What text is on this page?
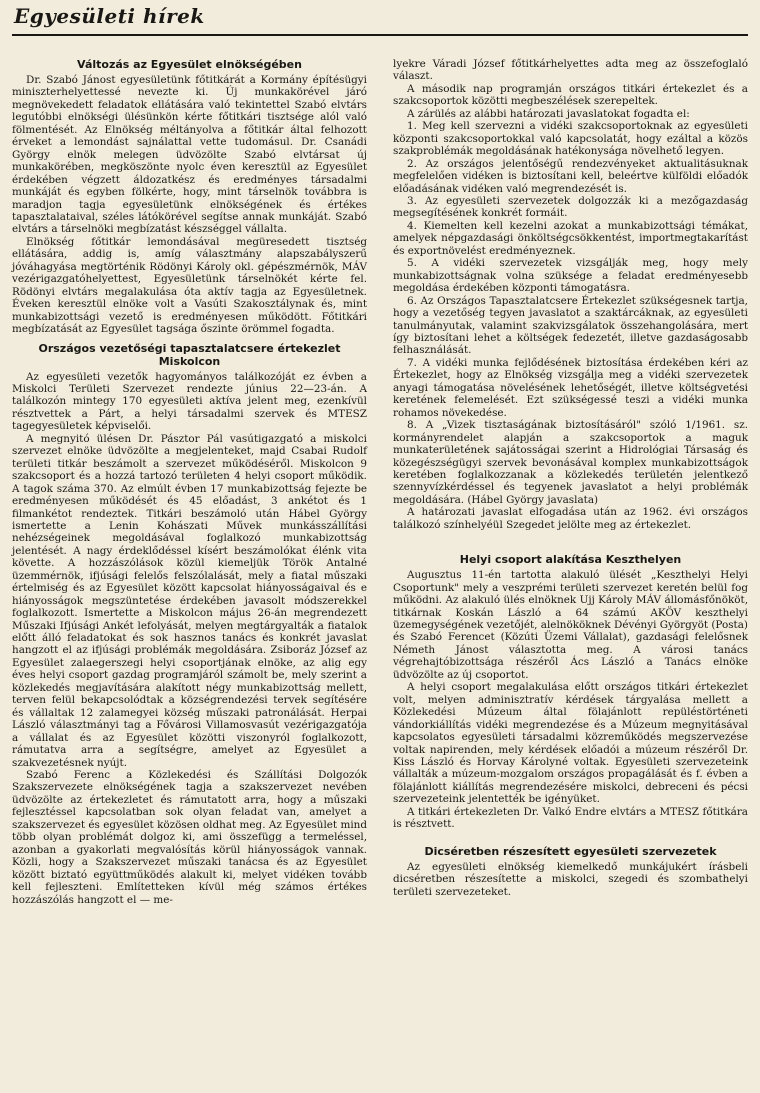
Egyesületi hírek
Változás az Egyesület elnökségében

Dr. Szabó Jánost egyesületünk főtitkárát a Kormány építésügyi miniszterhelyettessé nevezte ki. Új munkakörével járó megnövekedett feladatok ellátására való tekintettel Szabó elvtárs legutóbbi elnökségi ülésünkön kérte főtitkári tisztsége alól való fölmentését. Az Elnökség méltányolva a főtitkár által felhozott érveket a lemondást sajnálattal vette tudomásul. Dr. Csanádi György elnök melegen üdvözölte Szabó elvtársat új munkakörében, megköszönte nyolc éven keresztül az Egyesület érdekében végzett áldozatkész és eredményes társadalmi munkáját és egyben fölkérte, hogy, mint társelnök továbbra is maradjon tagja egyesületünk elnökségének és értékes tapasztalataival, széles látókörével segítse annak munkáját. Szabó elvtárs a társelnöki megbízatást készséggel vállalta.

Elnökség főtitkár lemondásával megüresedett tisztség ellátására, addig is, amíg választmány alapszabályszerű jóváhagyása megtörténik Rödönyi Károly okl. gépészmérnök, MÁV vezérigazgatóhelyettest, Egyesületünk társelnökét kérte fel. Rödönyi elvtárs megalakulása óta aktív tagja az Egyesületnek. Éveken keresztül elnöke volt a Vasúti Szakosztálynak és, mint munkabizottsági vezető is eredményesen működött. Főtitkári megbízatását az Egyesület tagsága őszinte örömmel fogadta.

Országos vezetőségi tapasztalatcsere értekezlet Miskolcon

Az egyesületi vezetők hagyományos találkozóját ez évben a Miskolci Területi Szervezet rendezte június 22—23-án. A találkozón mintegy 170 egyesületi aktíva jelent meg, ezenkívül résztvettek a Párt, a helyi társadalmi szervek és MTESZ tagegyesületek képviselői.

A megnyitó ülésen Dr. Pásztor Pál vasútigazgató a miskolci szervezet elnöke üdvözölte a megjelenteket, majd Csabai Rudolf területi titkár beszámolt a szervezet működéséről. Miskolcon 9 szakcsoport és a hozzá tartozó területen 4 helyi csoport működik. A tagok száma 370. Az elmúlt évben 17 munkabizottság fejezte be eredményesen működését és 45 előadást, 3 ankétot és 1 filmankétot rendeztek. Titkári beszámoló után Hábel György ismertette a Lenin Kohászati Művek munkásszállítási nehézségeinek megoldásával foglalkozó munkabizottság jelentését. A nagy érdeklődéssel kísért beszámolókat élénk vita követte. A hozzászólások közül kiemeljük Török Antalné üzemmérnök, ifjúsági felelős felszólalását, mely a fiatal műszaki értelmiség és az Egyesület között kapcsolat hiányosságaival és e hiányosságok megszüntetése érdekében javasolt módszerekkel foglalkozott. Ismertette a Miskolcon május 26-án megrendezett Műszaki Ifjúsági Ankét lefolyását, melyen megtárgyalták a fiatalok előtt álló feladatokat és sok hasznos tanács és konkrét javaslat hangzott el az ifjúsági problémák megoldására. Zsiboráz József az Egyesület zalaegerszegi helyi csoportjának elnöke, az alig egy éves helyi csoport gazdag programjáról számolt be, mely szerint a közlekedés megjavítására alakított négy munkabizottság mellett, terven felül bekapcsolódtak a községrendezési tervek segítésére és vállaltak 12 zalamegyei község műszaki patronálását. Herpai László választmányi tag a Fővárosi Villamosvasút vezérigazgatója a vállalat és az Egyesület közötti viszonyról foglalkozott, rámutatva arra a segítségre, amelyet az Egyesület a szakvezetésnek nyújt.

Szabó Ferenc a Közlekedési és Szállítási Dolgozók Szakszervezete elnökségének tagja a szakszervezet nevében üdvözölte az értekezletet és rámutatott arra, hogy a műszaki fejlesztéssel kapcsolatban sok olyan feladat van, amelyet a szakszervezet és egyesület közösen oldhat meg. Az Egyesület mind több olyan problémát dolgoz ki, ami összefügg a termeléssel, azonban a gyakorlati megvalósítás körül hiányosságok vannak. Közli, hogy a Szakszervezet műszaki tanácsa és az Egyesület között biztató együttműködés alakult ki, melyet vidéken tovább kell fejleszteni. Említetteken kívül még számos értékes hozzászólás hangzott el — me-

lyekre Váradi József főtitkárhelyettes adta meg az összefoglaló választ.

A második nap programján országos titkári értekezlet és a szakcsoportok közötti megbeszélések szerepeltek.

A zárülés az alábbi határozati javaslatokat fogadta el:

1. Meg kell szervezni a vidéki szakcsoportoknak az egyesületi központi szakcsoportokkal való kapcsolatát, hogy ezáltal a közös szakproblémák megoldásának hatékonysága növelhető legyen.

2. Az országos jelentőségű rendezvényeket aktualitásuknak megfelelően vidéken is biztosítani kell, beleértve külföldi előadók előadásának vidéken való megrendezését is.

3. Az egyesületi szervezetek dolgozzák ki a mezőgazdaság megsegítésének konkrét formáit.

4. Kiemelten kell kezelni azokat a munkabizottsági témákat, amelyek népgazdasági önköltségcsökkentést, importmegtakarítást és exportnövelést eredményeznek.

5. A vidéki szervezetek vizsgálják meg, hogy mely munkabizottságnak volna szüksége a feladat eredményesebb megoldása érdekében központi támogatásra.

6. Az Országos Tapasztalatcsere Értekezlet szükségesnek tartja, hogy a vezetőség tegyen javaslatot a szaktárcáknak, az egyesületi tanulmányutak, valamint szakvizsgálatok összehangolására, mert így biztosítani lehet a költségek fedezetét, illetve gazdaságosabb felhasználását.

7. A vidéki munka fejlődésének biztosítása érdekében kéri az Értekezlet, hogy az Elnökség vizsgálja meg a vidéki szervezetek anyagi támogatása növelésének lehetőségét, illetve költségvetési keretének felemelését. Ezt szükségessé teszi a vidéki munka rohamos növekedése.

8. A „Vizek tisztaságának biztosításáról" szóló 1/1961. sz. kormányrendelet alapján a szakcsoportok a maguk munkaterületének sajátosságai szerint a Hidrológiai Társaság és közegészségügyi szervek bevonásával komplex munkabizottságok keretében foglalkozzanak a közlekedés területén jelentkező szennyvízkérdéssel és tegyenek javaslatot a helyi problémák megoldására. (Hábel György javaslata)

A határozati javaslat elfogadása után az 1962. évi országos találkozó színhelyéül Szegedet jelölte meg az értekezlet.

Helyi csoport alakítása Keszthelyen

Augusztus 11-én tartotta alakuló ülését „Keszthelyi Helyi Csoportunk" mely a veszprémi területi szervezet keretén belül fog működni. Az alakuló ülés elnöknek Ujj Károly MÁV állomásfőnököt, titkárnak Koskán László a 64 számú AKÖV keszthelyi üzemegységének vezetőjét, alelnököknek Dévényi Györgyöt (Posta) és Szabó Ferencet (Közúti Üzemi Vállalat), gazdasági felelősnek Németh Jánost választotta meg. A városi tanács végrehajtóbizottsága részéről Ács László a Tanács elnöke üdvözölte az új csoportot.

A helyi csoport megalakulása előtt országos titkári értekezlet volt, melyen adminisztratív kérdések tárgyalása mellett a Közlekedési Múzeum által fölajánlott repüléstörténeti vándorkiállítás vidéki megrendezése és a Múzeum megnyitásával kapcsolatos egyesületi társadalmi közreműködés megszervezése voltak napirenden, mely kérdések előadói a múzeum részéről Dr. Kiss László és Horvay Károlyné voltak. Egyesületi szervezeteink vállalták a múzeum-mozgalom országos propagálását és f. évben a fölajánlott kiállítás megrendezésére miskolci, debreceni és pécsi szervezeteink jelentették be igényüket.

A titkári értekezleten Dr. Valkó Endre elvtárs a MTESZ főtitkára is résztvett.

Dicséretben részesített egyesületi szervezetek

Az egyesületi elnökség kiemelkedő munkájukért írásbeli dicséretben részesítette a miskolci, szegedi és szombathelyi területi szervezeteket.
